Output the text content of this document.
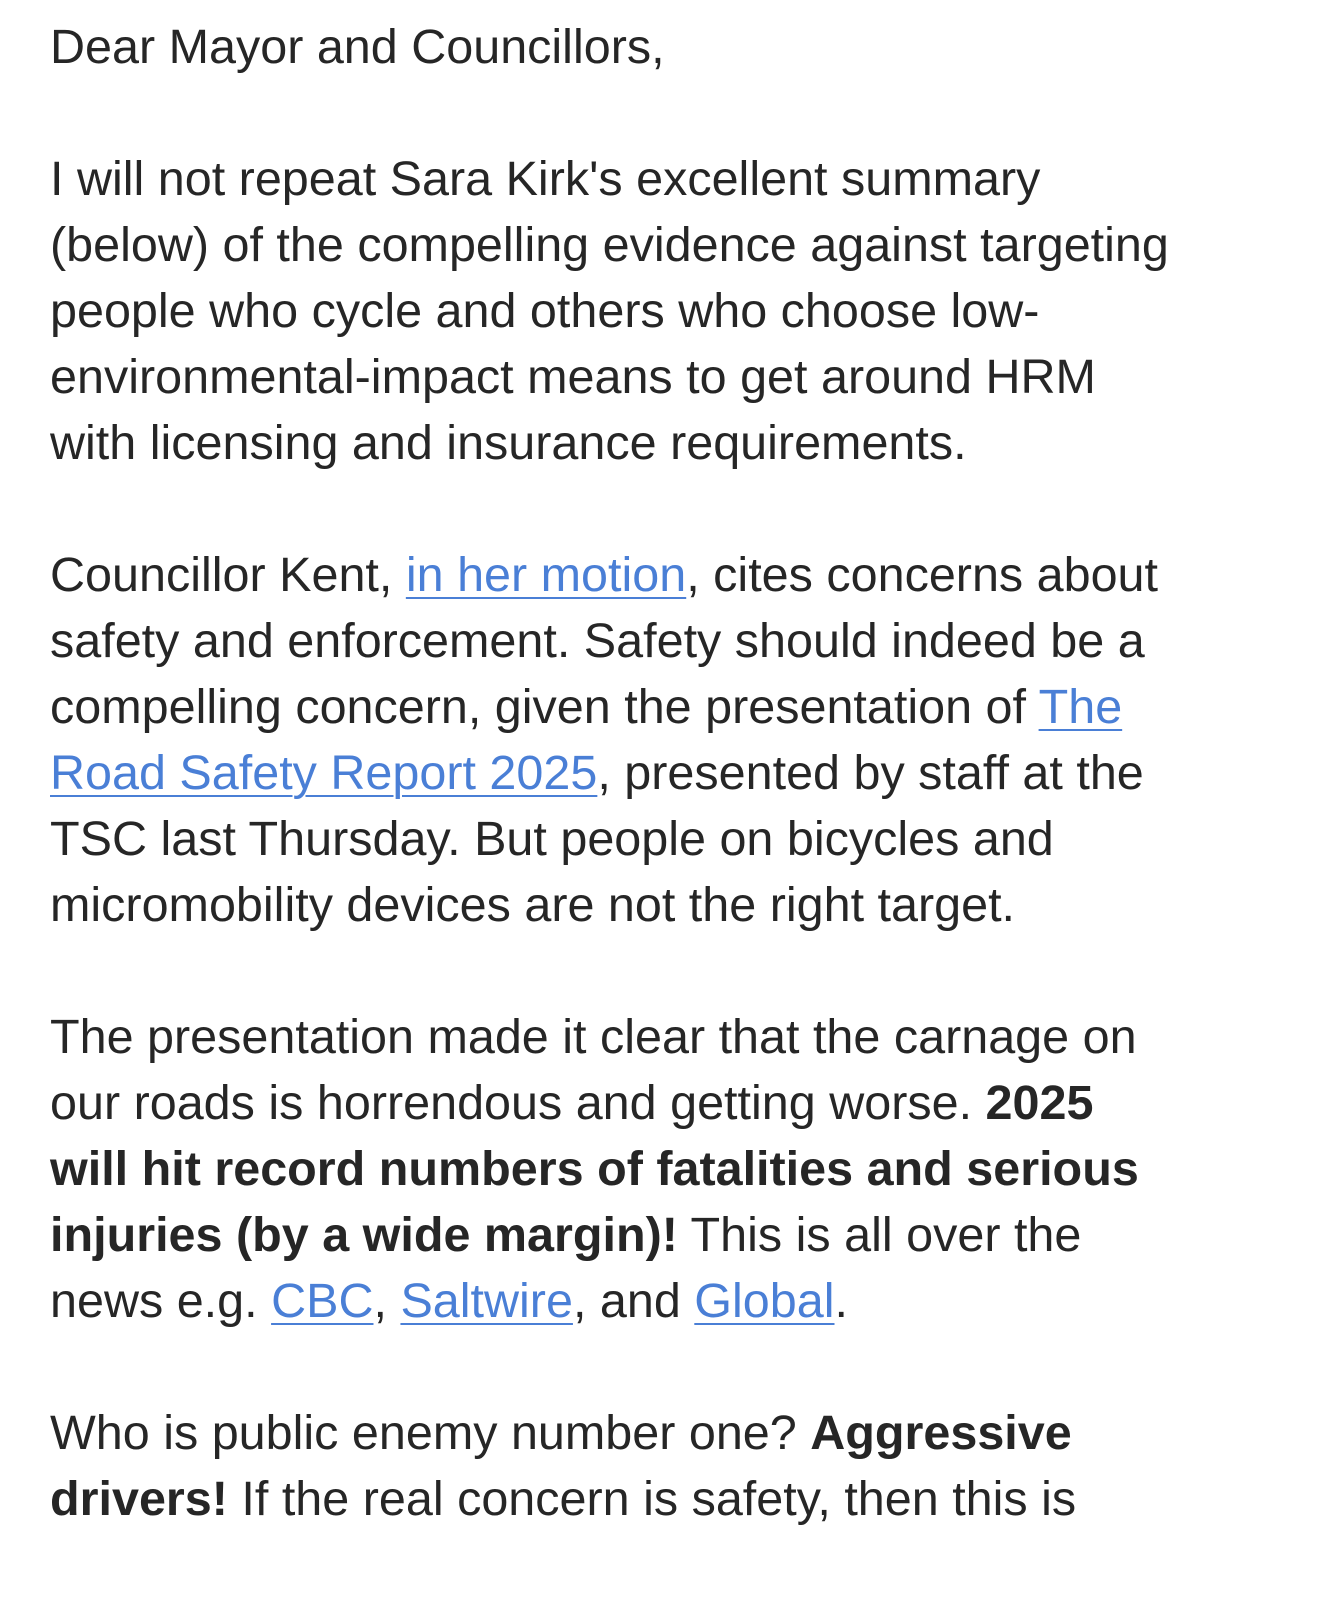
Dear Mayor and Councillors,
I will not repeat Sara Kirk's excellent summary
(below) of the compelling evidence against targeting
people who cycle and others who choose low-
environmental-impact means to get around HRM
with licensing and insurance requirements.
Councillor Kent, in her motion, cites concerns about
safety and enforcement. Safety should indeed be a
compelling concern, given the presentation of The
Road Safety Report 2025, presented by staff at the
TSC last Thursday. But people on bicycles and
micromobility devices are not the right target.
The presentation made it clear that the carnage on
our roads is horrendous and getting worse. 2025
will hit record numbers of fatalities and serious
injuries (by a wide margin)! This is all over the
news e.g. CBC, Saltwire, and Global.
Who is public enemy number one? Aggressive
drivers! If the real concern is safety, then this is
